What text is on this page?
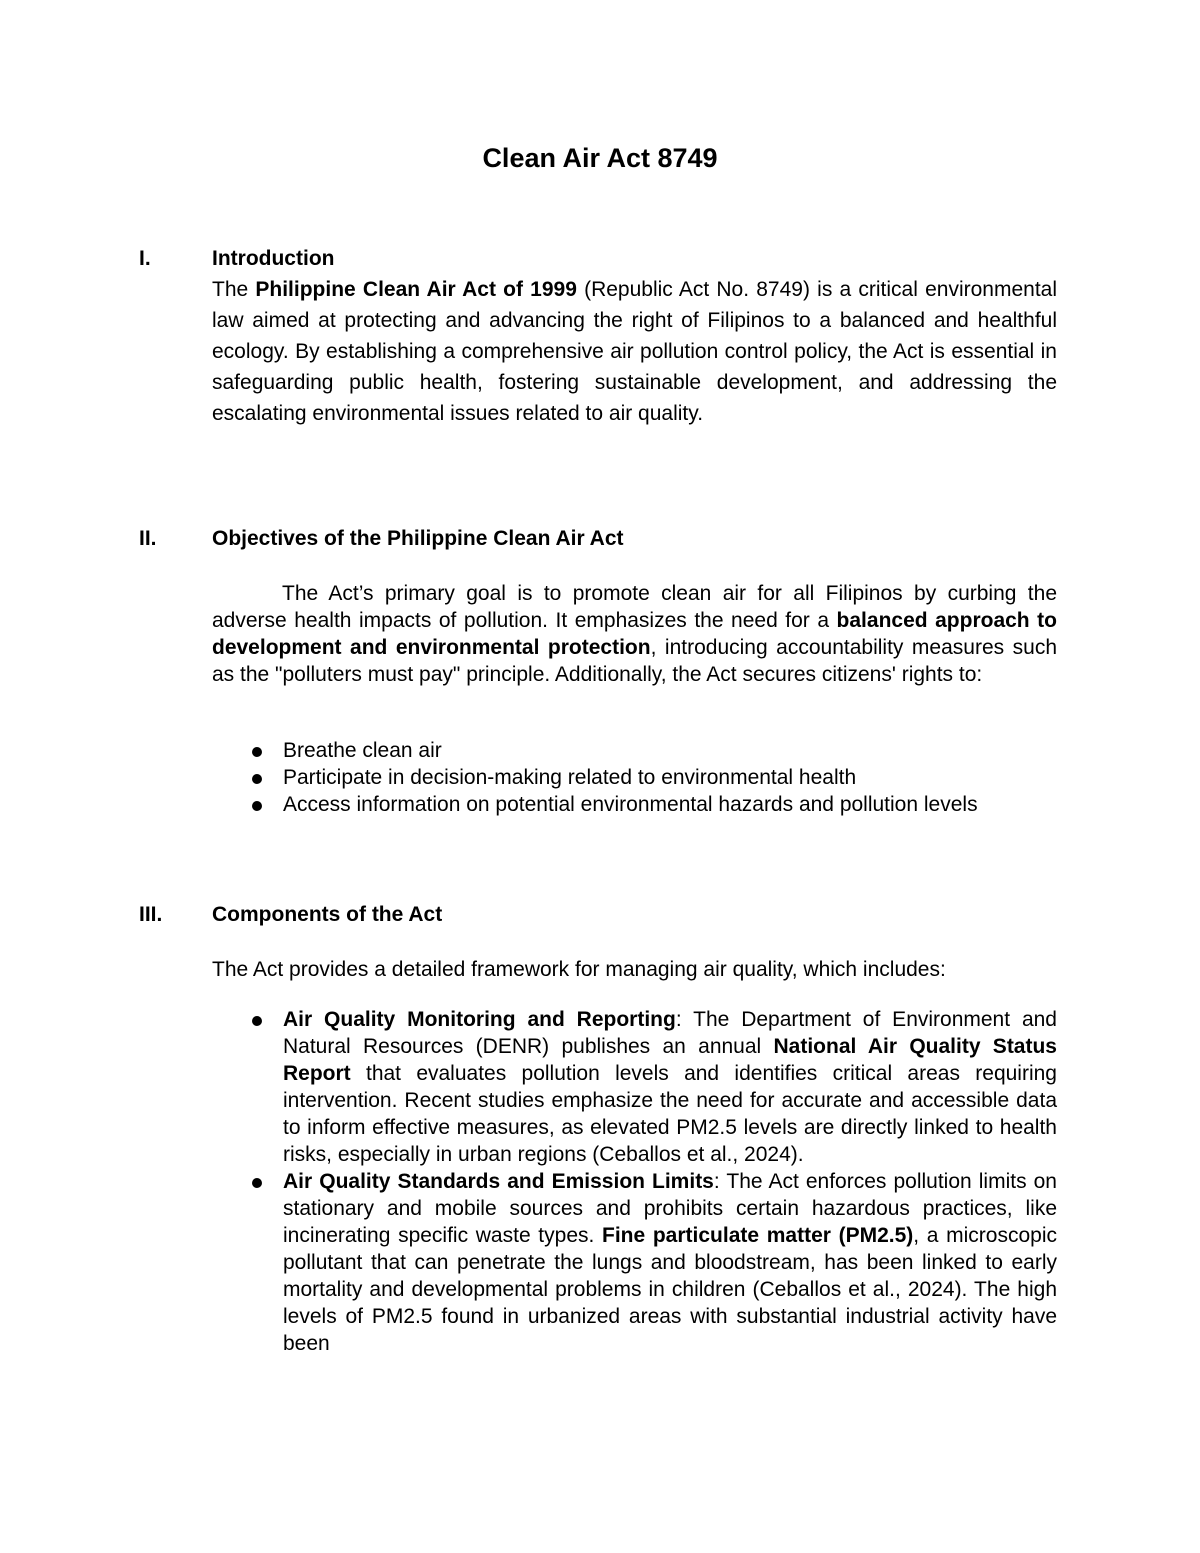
Clean Air Act 8749
I.	Introduction

The Philippine Clean Air Act of 1999 (Republic Act No. 8749) is a critical environmental law aimed at protecting and advancing the right of Filipinos to a balanced and healthful ecology. By establishing a comprehensive air pollution control policy, the Act is essential in safeguarding public health, fostering sustainable development, and addressing the escalating environmental issues related to air quality.

II.	Objectives of the Philippine Clean Air Act

The Act’s primary goal is to promote clean air for all Filipinos by curbing the adverse health impacts of pollution. It emphasizes the need for a balanced approach to development and environmental protection, introducing accountability measures such as the "polluters must pay" principle. Additionally, the Act secures citizens' rights to:

Breathe clean air
Participate in decision-making related to environmental health
Access information on potential environmental hazards and pollution levels
III.	Components of the Act

The Act provides a detailed framework for managing air quality, which includes:

Air Quality Monitoring and Reporting: The Department of Environment and Natural Resources (DENR) publishes an annual National Air Quality Status Report that evaluates pollution levels and identifies critical areas requiring intervention. Recent studies emphasize the need for accurate and accessible data to inform effective measures, as elevated PM2.5 levels are directly linked to health risks, especially in urban regions (Ceballos et al., 2024).
Air Quality Standards and Emission Limits: The Act enforces pollution limits on stationary and mobile sources and prohibits certain hazardous practices, like incinerating specific waste types. Fine particulate matter (PM2.5), a microscopic pollutant that can penetrate the lungs and bloodstream, has been linked to early mortality and developmental problems in children (Ceballos et al., 2024). The high levels of PM2.5 found in urbanized areas with substantial industrial activity have been
